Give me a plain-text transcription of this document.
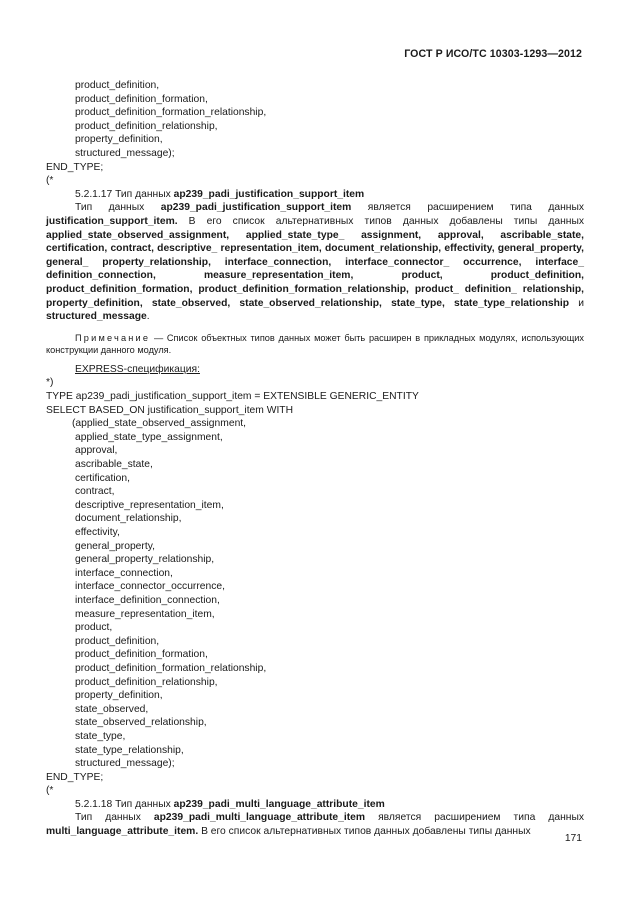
ГОСТ Р ИСО/ТС 10303-1293—2012
product_definition,
product_definition_formation,
product_definition_formation_relationship,
product_definition_relationship,
property_definition,
structured_message);
END_TYPE;
(*
5.2.1.17 Тип данных ap239_padi_justification_support_item

Тип данных ap239_padi_justification_support_item является расширением типа данных justification_support_item. В его список альтернативных типов данных добавлены типы данных applied_state_observed_assignment, applied_state_type_ assignment, approval, ascribable_state, certification, contract, descriptive_ representation_item, document_relationship, effectivity, general_property, general_ property_relationship, interface_connection, interface_connector_ occurrence, interface_ definition_connection, measure_representation_item, product, product_definition, product_definition_formation, product_definition_formation_relationship, product_ definition_ relationship, property_definition, state_observed, state_observed_relationship, state_type, state_type_relationship и structured_message.

Примечание — Список объектных типов данных может быть расширен в прикладных модулях, использующих конструкции данного модуля.

EXPRESS-спецификация:
*)
TYPE ap239_padi_justification_support_item = EXTENSIBLE GENERIC_ENTITY
SELECT BASED_ON justification_support_item WITH
(applied_state_observed_assignment,
applied_state_type_assignment,
approval,
ascribable_state,
certification,
contract,
descriptive_representation_item,
document_relationship,
effectivity,
general_property,
general_property_relationship,
interface_connection,
interface_connector_occurrence,
interface_definition_connection,
measure_representation_item,
product,
product_definition,
product_definition_formation,
product_definition_formation_relationship,
product_definition_relationship,
property_definition,
state_observed,
state_observed_relationship,
state_type,
state_type_relationship,
structured_message);
END_TYPE;
(*
5.2.1.18 Тип данных ap239_padi_multi_language_attribute_item

Тип данных ap239_padi_multi_language_attribute_item является расширением типа данных multi_language_attribute_item. В его список альтернативных типов данных добавлены типы данных

171
